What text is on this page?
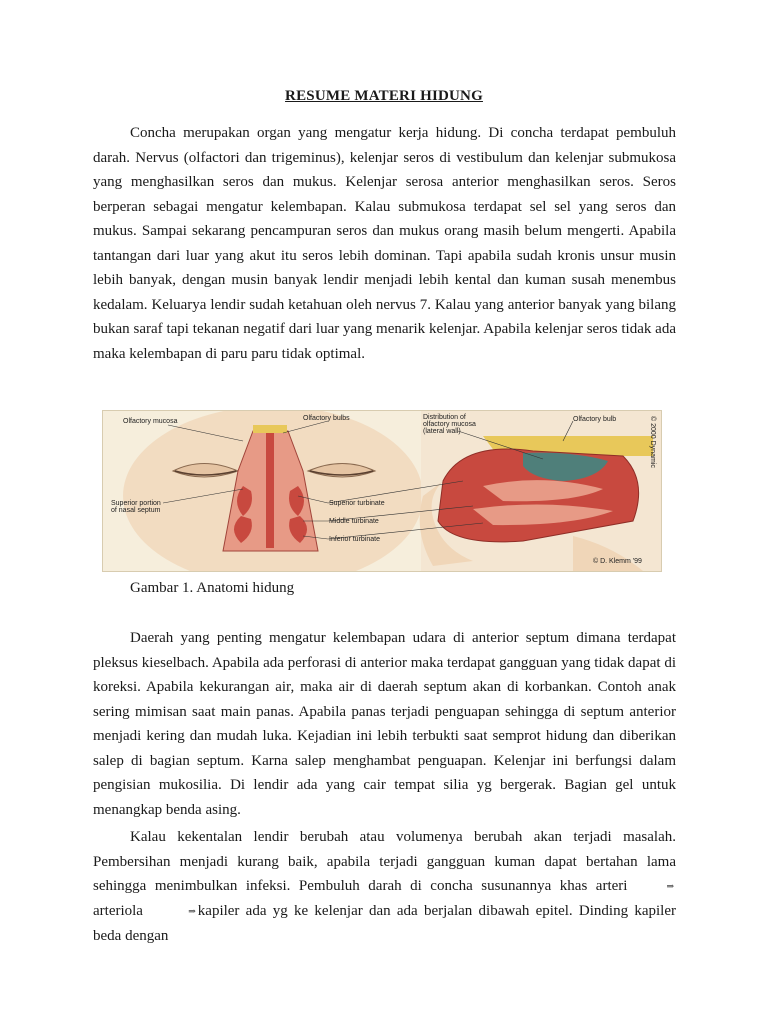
RESUME MATERI HIDUNG

Concha merupakan organ yang mengatur kerja hidung. Di concha terdapat pembuluh darah. Nervus (olfactori dan trigeminus), kelenjar seros di vestibulum dan kelenjar submukosa yang menghasilkan seros dan mukus. Kelenjar serosa anterior menghasilkan seros. Seros berperan sebagai mengatur kelembapan. Kalau submukosa terdapat sel sel yang seros dan mukus. Sampai sekarang pencampuran seros dan mukus orang masih belum mengerti. Apabila tantangan dari luar yang akut itu seros lebih dominan. Tapi apabila sudah kronis unsur musin lebih banyak, dengan musin banyak lendir menjadi lebih kental dan kuman susah menembus kedalam. Keluarya lendir sudah ketahuan oleh nervus 7. Kalau yang anterior banyak yang bilang bukan saraf tapi tekanan negatif dari luar yang menarik kelenjar. Apabila kelenjar seros tidak ada maka kelembapan di paru paru tidak optimal.

Olfactory mucosa	Olfactory bulbs	Distribution of
olfactory mucosa
(lateral wall)
Olfactory bulb
Superior portion
of nasal septum
Superior turbinate
Middle turbinate
Inferior turbinate
© 2000 Dynamic
© D. Klemm '99
Gambar 1. Anatomi hidung

Daerah yang penting mengatur kelembapan udara di anterior septum dimana terdapat pleksus kieselbach. Apabila ada perforasi di anterior maka terdapat gangguan yang tidak dapat di koreksi. Apabila kekurangan air, maka air di daerah septum akan di korbankan. Contoh anak sering mimisan saat main panas. Apabila panas terjadi penguapan sehingga di septum anterior menjadi kering dan mudah luka. Kejadian ini lebih terbukti saat semprot hidung dan diberikan salep di bagian septum. Karna salep menghambat penguapan. Kelenjar ini berfungsi dalam pengisian mukosilia. Di lendir ada yang cair tempat silia yg bergerak. Bagian gel untuk menangkap benda asing.

Kalau kekentalan lendir berubah atau volumenya berubah akan terjadi masalah. Pembersihan menjadi kurang baik, apabila terjadi gangguan kuman dapat bertahan lama sehingga menimbulkan infeksi. Pembuluh darah di concha susunannya khas arteri	⇒arteriola	⇒ kapiler ada yg ke kelenjar dan ada berjalan dibawah epitel. Dinding kapiler beda dengan
